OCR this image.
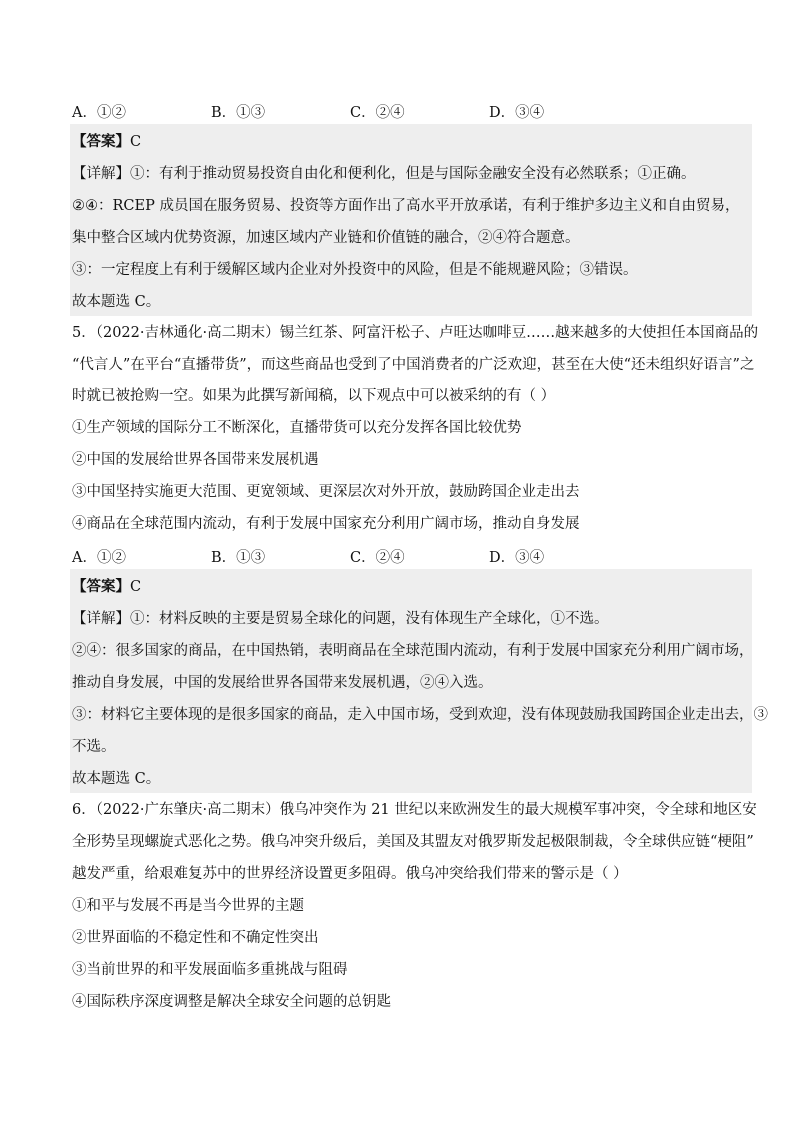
A．①②	B．①③	C．②④	D．③④
【答案】C
【详解】①：有利于推动贸易投资自由化和便利化，但是与国际金融安全没有必然联系；①正确。
②④：RCEP 成员国在服务贸易、投资等方面作出了高水平开放承诺，有利于维护多边主义和自由贸易，
集中整合区域内优势资源，加速区域内产业链和价值链的融合，②④符合题意。
③：一定程度上有利于缓解区域内企业对外投资中的风险，但是不能规避风险；③错误。
故本题选 C。
5．（2022·吉林通化·高二期末）锡兰红茶、阿富汗松子、卢旺达咖啡豆……越来越多的大使担任本国商品的
“代言人”在平台“直播带货”，而这些商品也受到了中国消费者的广泛欢迎，甚至在大使“还未组织好语言”之
时就已被抢购一空。如果为此撰写新闻稿，以下观点中可以被采纳的有（ ）
①生产领域的国际分工不断深化，直播带货可以充分发挥各国比较优势
②中国的发展给世界各国带来发展机遇
③中国坚持实施更大范围、更宽领域、更深层次对外开放，鼓励跨国企业走出去
④商品在全球范围内流动，有利于发展中国家充分利用广阔市场，推动自身发展
A．①②	B．①③	C．②④	D．③④
【答案】C
【详解】①：材料反映的主要是贸易全球化的问题，没有体现生产全球化，①不选。
②④：很多国家的商品，在中国热销，表明商品在全球范围内流动，有利于发展中国家充分利用广阔市场，
推动自身发展，中国的发展给世界各国带来发展机遇，②④入选。
③：材料它主要体现的是很多国家的商品，走入中国市场，受到欢迎，没有体现鼓励我国跨国企业走出去，③
不选。
故本题选 C。
6．（2022·广东肇庆·高二期末）俄乌冲突作为 21 世纪以来欧洲发生的最大规模军事冲突，令全球和地区安
全形势呈现螺旋式恶化之势。俄乌冲突升级后，美国及其盟友对俄罗斯发起极限制裁，令全球供应链“梗阻”
越发严重，给艰难复苏中的世界经济设置更多阻碍。俄乌冲突给我们带来的警示是（ ）
①和平与发展不再是当今世界的主题
②世界面临的不稳定性和不确定性突出
③当前世界的和平发展面临多重挑战与阻碍
④国际秩序深度调整是解决全球安全问题的总钥匙
